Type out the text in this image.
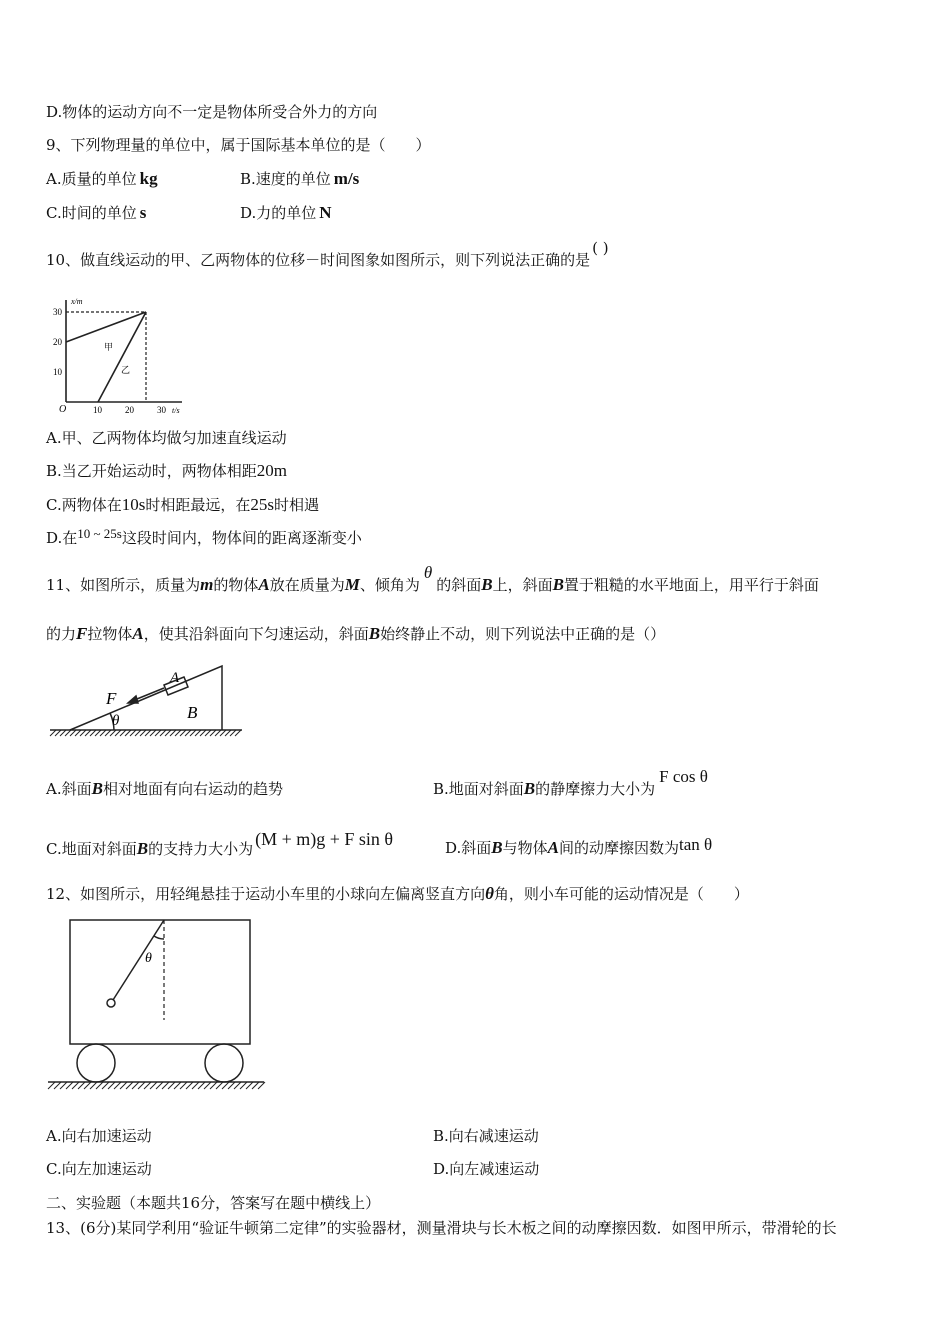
D.物体的运动方向不一定是物体所受合外力的方向
9、下列物理量的单位中，属于国际基本单位的是（　　）
A.质量的单位 kg	B.速度的单位 m/s
C.时间的单位 s	D.力的单位 N
10、做直线运动的甲、乙两物体的位移－时间图象如图所示，则下列说法正确的是( )
x/m
t/s
O
30
20
10
10	20	30
甲
乙
A.甲、乙两物体均做匀加速直线运动
B.当乙开始运动时，两物体相距20m
C.两物体在10s时相距最远，在25s时相遇
D.在10 ~ 25s这段时间内，物体间的距离逐渐变小
11、如图所示，质量为m的物体A放在质量为M、倾角为θ的斜面B上，斜面B置于粗糙的水平地面上，用平行于斜面
的力F拉物体A，使其沿斜面向下匀速运动，斜面B始终静止不动，则下列说法中正确的是（）
F
A
B
θ
A.斜面B相对地面有向右运动的趋势	B.地面对斜面B的静摩擦力大小为F cos θ
C.地面对斜面B的支持力大小为 (M + m)g + F sin θ	D.斜面B与物体A间的动摩擦因数为tan θ
12、如图所示，用轻绳悬挂于运动小车里的小球向左偏离竖直方向θ角，则小车可能的运动情况是（　　）
θ
A.向右加速运动	B.向右减速运动
C.向左加速运动	D.向左减速运动
二、实验题（本题共16分，答案写在题中横线上）
13、(6分)某同学利用“验证牛顿第二定律”的实验器材，测量滑块与长木板之间的动摩擦因数．如图甲所示，带滑轮的长
